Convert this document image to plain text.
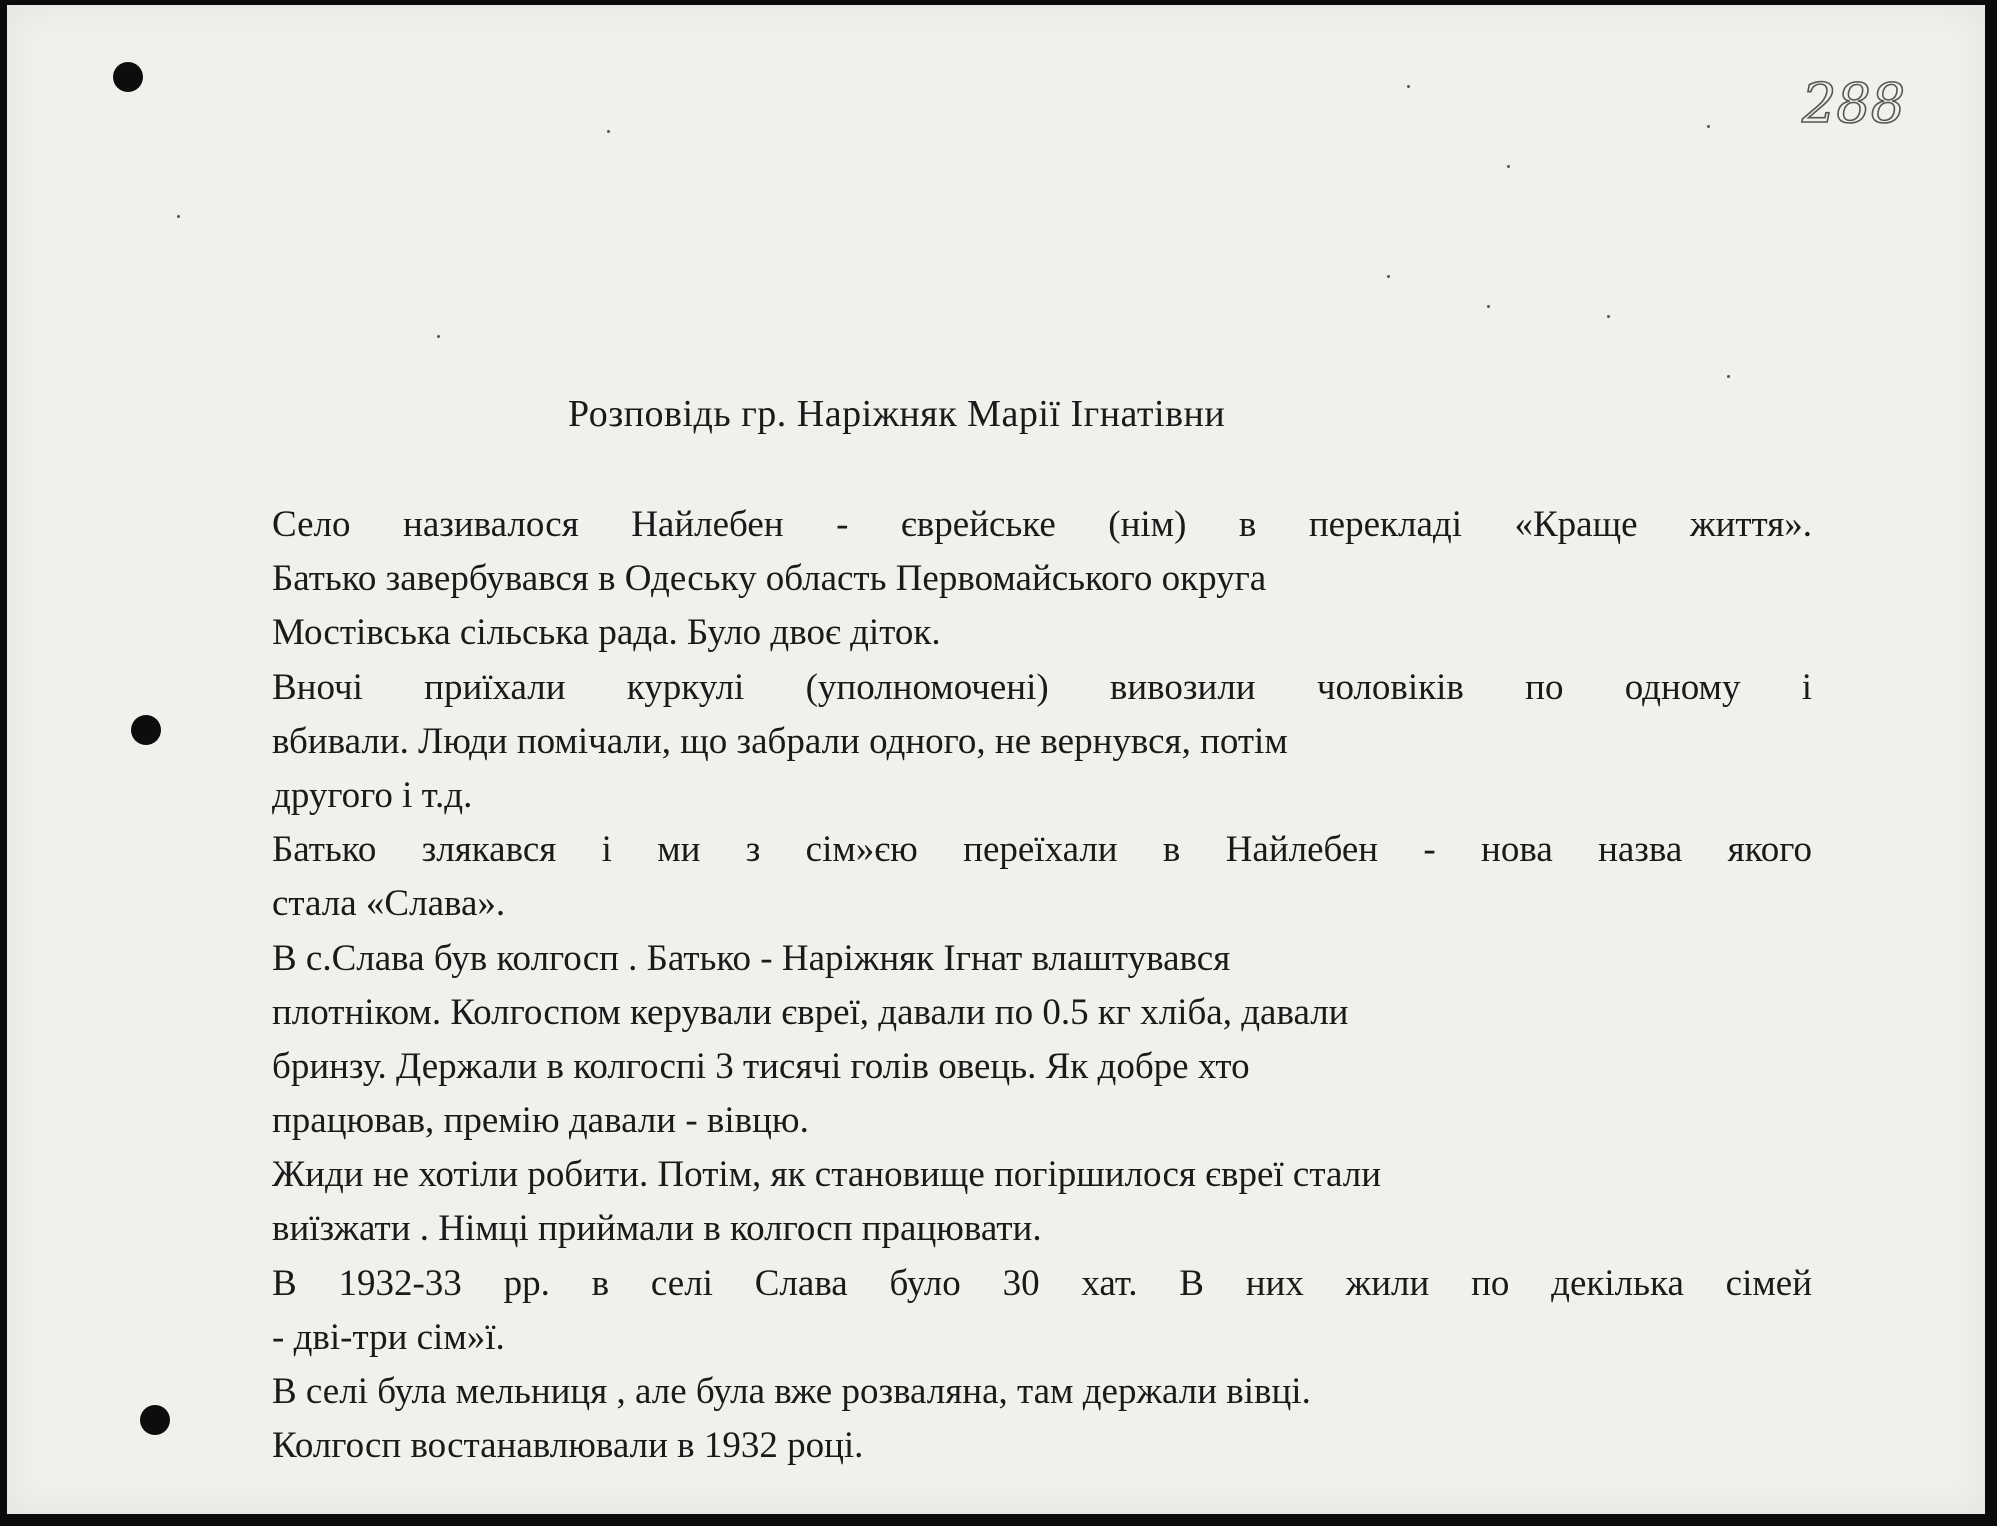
288
Розповідь гр. Наріжняк Марії Ігнатівни
Село називалося Найлебен - єврейське (нім) в перекладі «Краще життя».
Батько завербувався в Одеську область Первомайського округа
Мостівська сільська рада. Було двоє діток.
Вночі приїхали куркулі (уполномочені) вивозили чоловіків по одному і
вбивали. Люди помічали, що забрали одного, не вернувся, потім
другого і т.д.
Батько злякався і ми з сім»єю переїхали в Найлебен - нова назва якого
стала «Слава».
В с.Слава був колгосп . Батько - Наріжняк Ігнат влаштувався
плотніком. Колгоспом керували євреї, давали по 0.5 кг хліба, давали
бринзу. Держали в колгоспі 3 тисячі голів овець. Як добре хто
працював, премію давали - вівцю.
Жиди не хотіли робити. Потім, як становище погіршилося євреї стали
виїзжати . Німці приймали в колгосп працювати.
В 1932-33 рр. в селі Слава було 30 хат. В них жили по декілька сімей
- дві-три сім»ї.
В селі була мельниця , але була вже розваляна, там держали вівці.
Колгосп востанавлювали в 1932 році.
